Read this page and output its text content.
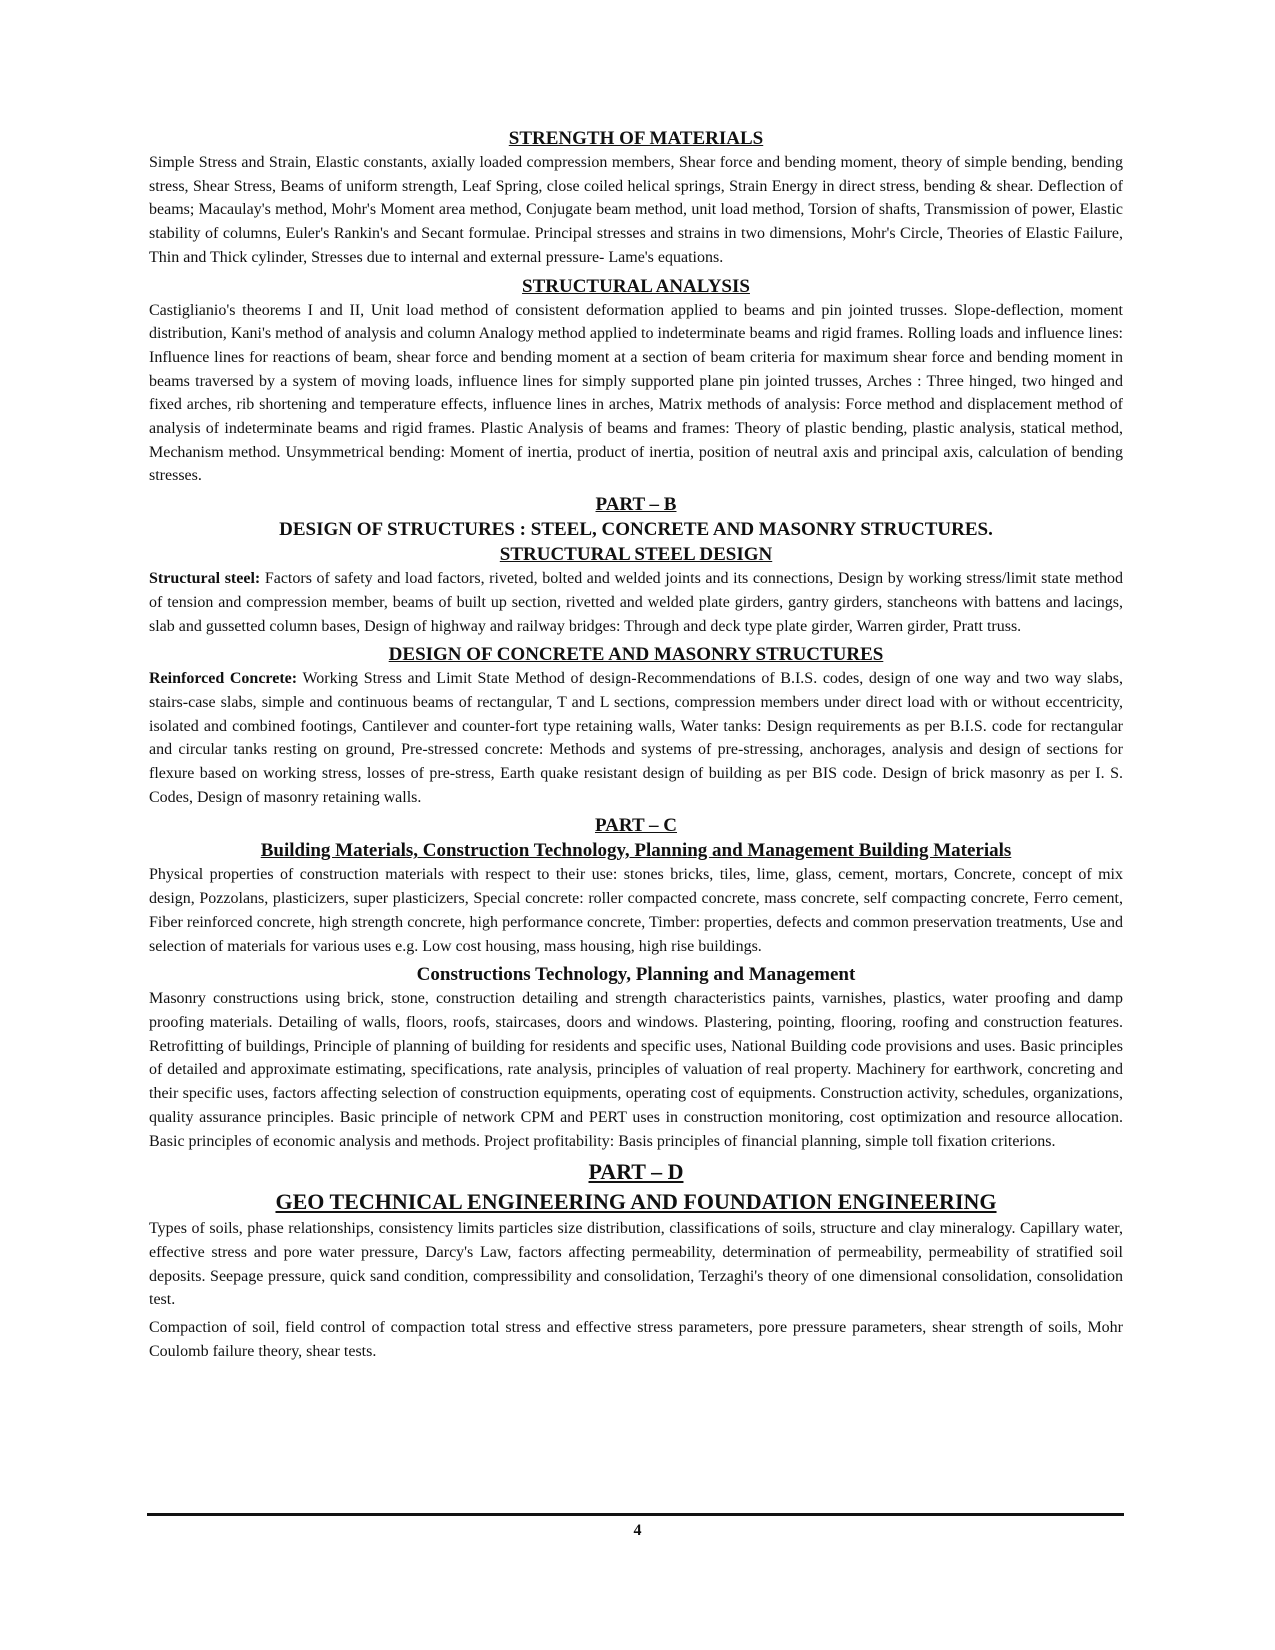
STRENGTH OF MATERIALS

Simple Stress and Strain, Elastic constants, axially loaded compression members, Shear force and bending moment, theory of simple bending, bending stress, Shear Stress, Beams of uniform strength, Leaf Spring, close coiled helical springs, Strain Energy in direct stress, bending & shear. Deflection of beams; Macaulay's method, Mohr's Moment area method, Conjugate beam method, unit load method, Torsion of shafts, Transmission of power, Elastic stability of columns, Euler's Rankin's and Secant formulae. Principal stresses and strains in two dimensions, Mohr's Circle, Theories of Elastic Failure, Thin and Thick cylinder, Stresses due to internal and external pressure- Lame's equations.

STRUCTURAL ANALYSIS

Castiglianio's theorems I and II, Unit load method of consistent deformation applied to beams and pin jointed trusses. Slope-deflection, moment distribution, Kani's method of analysis and column Analogy method applied to indeterminate beams and rigid frames. Rolling loads and influence lines: Influence lines for reactions of beam, shear force and bending moment at a section of beam criteria for maximum shear force and bending moment in beams traversed by a system of moving loads, influence lines for simply supported plane pin jointed trusses, Arches : Three hinged, two hinged and fixed arches, rib shortening and temperature effects, influence lines in arches, Matrix methods of analysis: Force method and displacement method of analysis of indeterminate beams and rigid frames. Plastic Analysis of beams and frames: Theory of plastic bending, plastic analysis, statical method, Mechanism method. Unsymmetrical bending: Moment of inertia, product of inertia, position of neutral axis and principal axis, calculation of bending stresses.

PART – B
DESIGN OF STRUCTURES : STEEL, CONCRETE AND MASONRY STRUCTURES.
STRUCTURAL STEEL DESIGN

Structural steel: Factors of safety and load factors, riveted, bolted and welded joints and its connections, Design by working stress/limit state method of tension and compression member, beams of built up section, rivetted and welded plate girders, gantry girders, stancheons with battens and lacings, slab and gussetted column bases, Design of highway and railway bridges: Through and deck type plate girder, Warren girder, Pratt truss.

DESIGN OF CONCRETE AND MASONRY STRUCTURES

Reinforced Concrete: Working Stress and Limit State Method of design-Recommendations of B.I.S. codes, design of one way and two way slabs, stairs-case slabs, simple and continuous beams of rectangular, T and L sections, compression members under direct load with or without eccentricity, isolated and combined footings, Cantilever and counter-fort type retaining walls, Water tanks: Design requirements as per B.I.S. code for rectangular and circular tanks resting on ground, Pre-stressed concrete: Methods and systems of pre-stressing, anchorages, analysis and design of sections for flexure based on working stress, losses of pre-stress, Earth quake resistant design of building as per BIS code. Design of brick masonry as per I. S. Codes, Design of masonry retaining walls.

PART – C
Building Materials, Construction Technology, Planning and Management Building Materials

Physical properties of construction materials with respect to their use: stones bricks, tiles, lime, glass, cement, mortars, Concrete, concept of mix design, Pozzolans, plasticizers, super plasticizers, Special concrete: roller compacted concrete, mass concrete, self compacting concrete, Ferro cement, Fiber reinforced concrete, high strength concrete, high performance concrete, Timber: properties, defects and common preservation treatments, Use and selection of materials for various uses e.g. Low cost housing, mass housing, high rise buildings.

Constructions Technology, Planning and Management

Masonry constructions using brick, stone, construction detailing and strength characteristics paints, varnishes, plastics, water proofing and damp proofing materials. Detailing of walls, floors, roofs, staircases, doors and windows. Plastering, pointing, flooring, roofing and construction features. Retrofitting of buildings, Principle of planning of building for residents and specific uses, National Building code provisions and uses. Basic principles of detailed and approximate estimating, specifications, rate analysis, principles of valuation of real property. Machinery for earthwork, concreting and their specific uses, factors affecting selection of construction equipments, operating cost of equipments. Construction activity, schedules, organizations, quality assurance principles. Basic principle of network CPM and PERT uses in construction monitoring, cost optimization and resource allocation. Basic principles of economic analysis and methods. Project profitability: Basis principles of financial planning, simple toll fixation criterions.

PART – D
GEO TECHNICAL ENGINEERING AND FOUNDATION ENGINEERING

Types of soils, phase relationships, consistency limits particles size distribution, classifications of soils, structure and clay mineralogy. Capillary water, effective stress and pore water pressure, Darcy's Law, factors affecting permeability, determination of permeability, permeability of stratified soil deposits. Seepage pressure, quick sand condition, compressibility and consolidation, Terzaghi's theory of one dimensional consolidation, consolidation test.

Compaction of soil, field control of compaction total stress and effective stress parameters, pore pressure parameters, shear strength of soils, Mohr Coulomb failure theory, shear tests.

4
